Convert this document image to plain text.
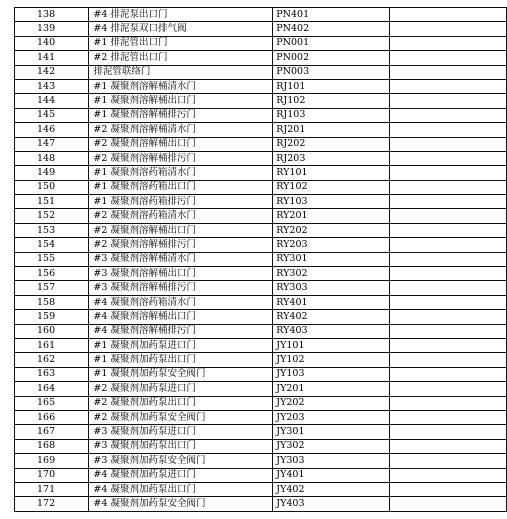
138	#4 排泥泵出口门	PN401	
139	#4 排泥泵双口排气阀	PN402	
140	#1 排泥管出口门	PN001	
141	#2 排泥管出口门	PN002	
142	排泥管联络门	PN003	
143	#1 凝聚剂溶解桶清水门	RJ101	
144	#1 凝聚剂溶解桶出口门	RJ102	
145	#1 凝聚剂溶解桶排污门	RJ103	
146	#2 凝聚剂溶解桶清水门	RJ201	
147	#2 凝聚剂溶解桶出口门	RJ202	
148	#2 凝聚剂溶解桶排污门	RJ203	
149	#1 凝聚剂溶药箱清水门	RY101	
150	#1 凝聚剂溶药箱出口门	RY102	
151	#1 凝聚剂溶药箱排污门	RY103	
152	#2 凝聚剂溶药箱清水门	RY201	
153	#2 凝聚剂溶解桶出口门	RY202	
154	#2 凝聚剂溶解桶排污门	RY203	
155	#3 凝聚剂溶解桶清水门	RY301	
156	#3 凝聚剂溶解桶出口门	RY302	
157	#3 凝聚剂溶解桶排污门	RY303	
158	#4 凝聚剂溶药箱清水门	RY401	
159	#4 凝聚剂溶解桶出口门	RY402	
160	#4 凝聚剂溶解桶排污门	RY403	
161	#1 凝聚剂加药泵进口门	JY101	
162	#1 凝聚剂加药泵出口门	JY102	
163	#1 凝聚剂加药泵安全阀门	JY103	
164	#2 凝聚剂加药泵进口门	JY201	
165	#2 凝聚剂加药泵出口门	JY202	
166	#2 凝聚剂加药泵安全阀门	JY203	
167	#3 凝聚剂加药泵进口门	JY301	
168	#3 凝聚剂加药泵出口门	JY302	
169	#3 凝聚剂加药泵安全阀门	JY303	
170	#4 凝聚剂加药泵进口门	JY401	
171	#4 凝聚剂加药泵出口门	JY402	
172	#4 凝聚剂加药泵安全阀门	JY403	
